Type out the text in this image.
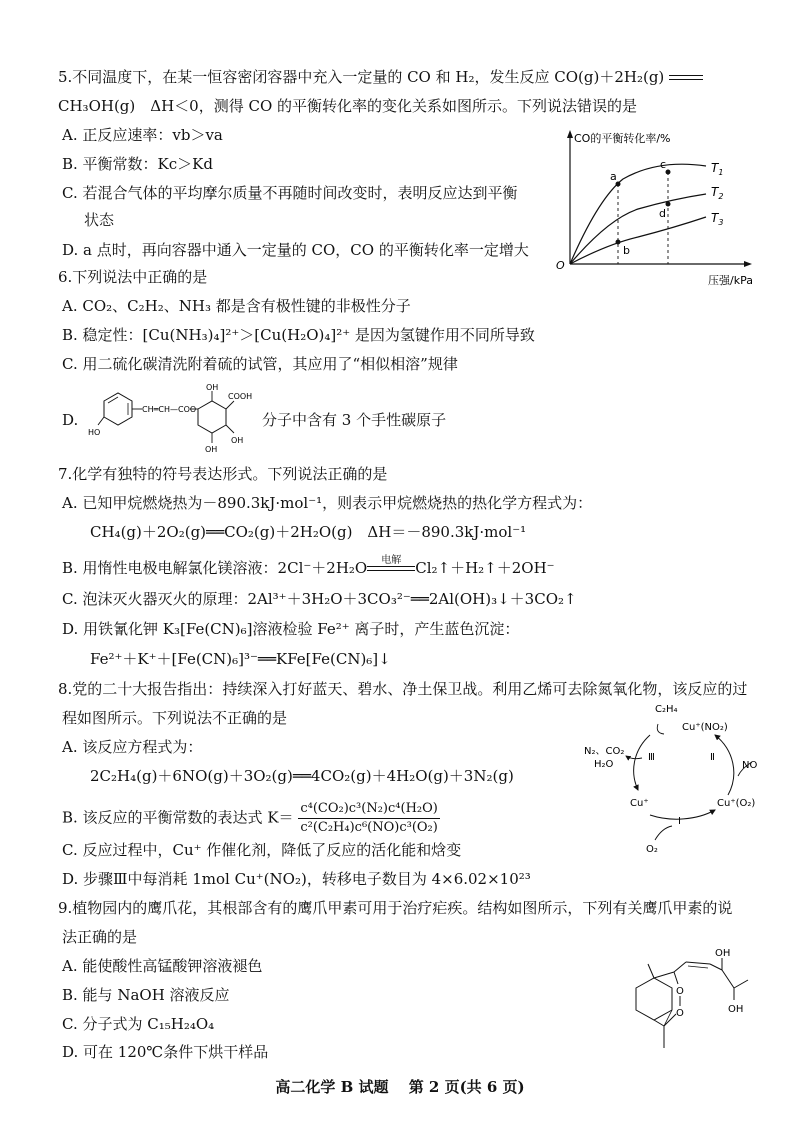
5.不同温度下，在某一恒容密闭容器中充入一定量的 CO 和 H₂，发生反应 CO(g)＋2H₂(g)
CH₃OH(g)　ΔH＜0，测得 CO 的平衡转化率的变化关系如图所示。下列说法错误的是
A. 正反应速率：vb＞va
B. 平衡常数：Kc＞Kd
C. 若混合气体的平均摩尔质量不再随时间改变时，表明反应达到平衡
状态
D. a 点时，再向容器中通入一定量的 CO，CO 的平衡转化率一定增大
CO的平衡转化率/%
压强/kPa
O
a
b
c
d
$T_1$
$T_2$
$T_3$
6.下列说法中正确的是
A. CO₂、C₂H₂、NH₃ 都是含有极性键的非极性分子
B. 稳定性：[Cu(NH₃)₄]²⁺＞[Cu(H₂O)₄]²⁺ 是因为氢键作用不同所导致
C. 用二硫化碳清洗附着硫的试管，其应用了“相似相溶”规律
D.
HO
CH═CH—COO
OH
COOH
OH
OH
分子中含有 3 个手性碳原子
7.化学有独特的符号表达形式。下列说法正确的是
A. 已知甲烷燃烧热为－890.3kJ·mol⁻¹，则表示甲烷燃烧热的热化学方程式为：
CH₄(g)＋2O₂(g)══CO₂(g)＋2H₂O(g)　ΔH＝－890.3kJ·mol⁻¹
B. 用惰性电极电解氯化镁溶液：2Cl⁻＋2H₂O	电解 Cl₂↑＋H₂↑＋2OH⁻
C. 泡沫灭火器灭火的原理：2Al³⁺＋3H₂O＋3CO₃²⁻══2Al(OH)₃↓＋3CO₂↑
D. 用铁氰化钾 K₃[Fe(CN)₆]溶液检验 Fe²⁺ 离子时，产生蓝色沉淀：
Fe²⁺＋K⁺＋[Fe(CN)₆]³⁻══KFe[Fe(CN)₆]↓
8.党的二十大报告指出：持续深入打好蓝天、碧水、净土保卫战。利用乙烯可去除氮氧化物，该反应的过
程如图所示。下列说法不正确的是
A. 该反应方程式为：
2C₂H₄(g)＋6NO(g)＋3O₂(g)══4CO₂(g)＋4H₂O(g)＋3N₂(g)
B. 该反应的平衡常数的表达式 $K= \frac{\text{c⁴(CO₂)c³(N₂)c⁴(H₂O)}}{\text{c²(C₂H₄)c⁶(NO)c³(O₂)}}$
C. 反应过程中，Cu⁺ 作催化剂，降低了反应的活化能和焓变
D. 步骤Ⅲ中每消耗 1mol Cu⁺(NO₂)，转移电子数目为 4×6.02×10²³
C₂H₄
Cu⁺(NO₂)
N₂、CO₂
H₂O
Ⅲ	Ⅱ
NO
Cu⁺	Cu⁺(O₂)
Ⅰ
O₂
9.植物园内的鹰爪花，其根部含有的鹰爪甲素可用于治疗疟疾。结构如图所示，下列有关鹰爪甲素的说
法正确的是
A. 能使酸性高锰酸钾溶液褪色
B. 能与 NaOH 溶液反应
C. 分子式为 C₁₅H₂₄O₄
D. 可在 120℃条件下烘干样品
OH
OH
O
O
高二化学 B 试题　 第 2 页(共 6 页)
